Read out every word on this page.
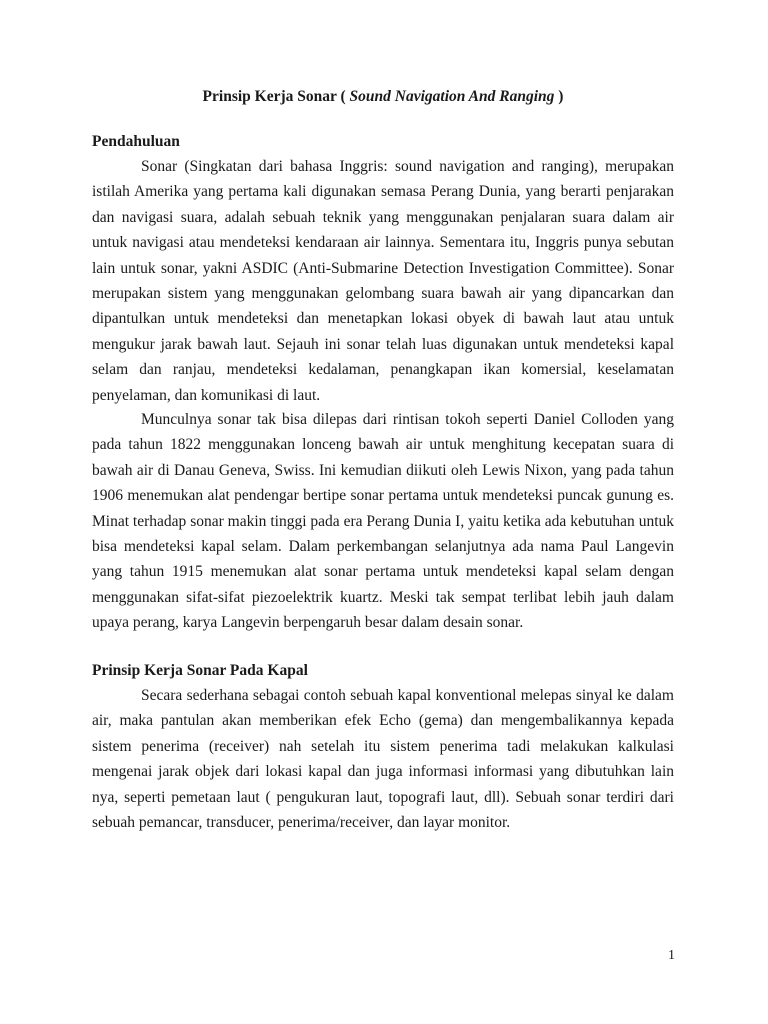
Prinsip Kerja Sonar ( Sound Navigation And Ranging )
Pendahuluan

Sonar (Singkatan dari bahasa Inggris: sound navigation and ranging), merupakan istilah Amerika yang pertama kali digunakan semasa Perang Dunia, yang berarti penjarakan dan navigasi suara, adalah sebuah teknik yang menggunakan penjalaran suara dalam air untuk navigasi atau mendeteksi kendaraan air lainnya. Sementara itu, Inggris punya sebutan lain untuk sonar, yakni ASDIC (Anti-Submarine Detection Investigation Committee). Sonar merupakan sistem yang menggunakan gelombang suara bawah air yang dipancarkan dan dipantulkan untuk mendeteksi dan menetapkan lokasi obyek di bawah laut atau untuk mengukur jarak bawah laut. Sejauh ini sonar telah luas digunakan untuk mendeteksi kapal selam dan ranjau, mendeteksi kedalaman, penangkapan ikan komersial, keselamatan penyelaman, dan komunikasi di laut.

Munculnya sonar tak bisa dilepas dari rintisan tokoh seperti Daniel Colloden yang pada tahun 1822 menggunakan lonceng bawah air untuk menghitung kecepatan suara di bawah air di Danau Geneva, Swiss. Ini kemudian diikuti oleh Lewis Nixon, yang pada tahun 1906 menemukan alat pendengar bertipe sonar pertama untuk mendeteksi puncak gunung es. Minat terhadap sonar makin tinggi pada era Perang Dunia I, yaitu ketika ada kebutuhan untuk bisa mendeteksi kapal selam. Dalam perkembangan selanjutnya ada nama Paul Langevin yang tahun 1915 menemukan alat sonar pertama untuk mendeteksi kapal selam dengan menggunakan sifat-sifat piezoelektrik kuartz. Meski tak sempat terlibat lebih jauh dalam upaya perang, karya Langevin berpengaruh besar dalam desain sonar.

Prinsip Kerja Sonar Pada Kapal

Secara sederhana sebagai contoh sebuah kapal konventional melepas sinyal ke dalam air, maka pantulan akan memberikan efek Echo (gema) dan mengembalikannya kepada sistem penerima (receiver) nah setelah itu sistem penerima tadi melakukan kalkulasi mengenai jarak objek dari lokasi kapal dan juga informasi informasi yang dibutuhkan lain nya, seperti pemetaan laut ( pengukuran laut, topografi laut, dll). Sebuah sonar terdiri dari sebuah pemancar, transducer, penerima/receiver, dan layar monitor.

1
